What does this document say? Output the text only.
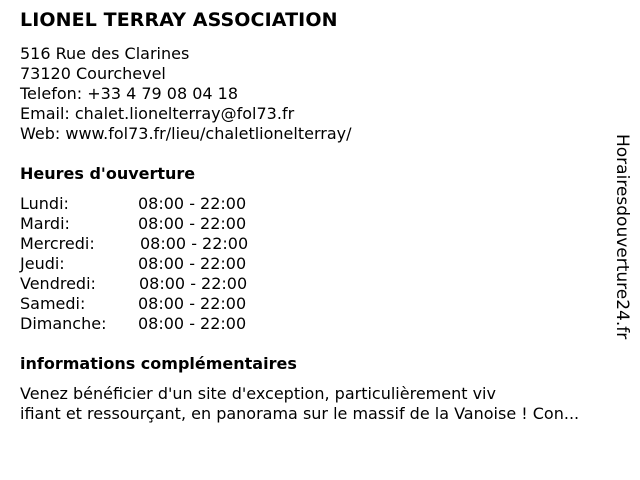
LIONEL TERRAY ASSOCIATION
516 Rue des Clarines
73120 Courchevel
Telefon: +33 4 79 08 04 18
Email: chalet.lionelterray@fol73.fr
Web: www.fol73.fr/lieu/chaletlionelterray/
Heures d'ouverture
Lundi:	08:00 - 22:00
Mardi:	08:00 - 22:00
Mercredi:	08:00 - 22:00
Jeudi:	08:00 - 22:00
Vendredi:	08:00 - 22:00
Samedi:	08:00 - 22:00
Dimanche: 08:00 - 22:00
informations complémentaires
Venez bénéficier d'un site d'exception, particulièrement viv
ifiant et ressourçant, en panorama sur le massif de la Vanoise ! Con...
Horairesdouverture24.fr
